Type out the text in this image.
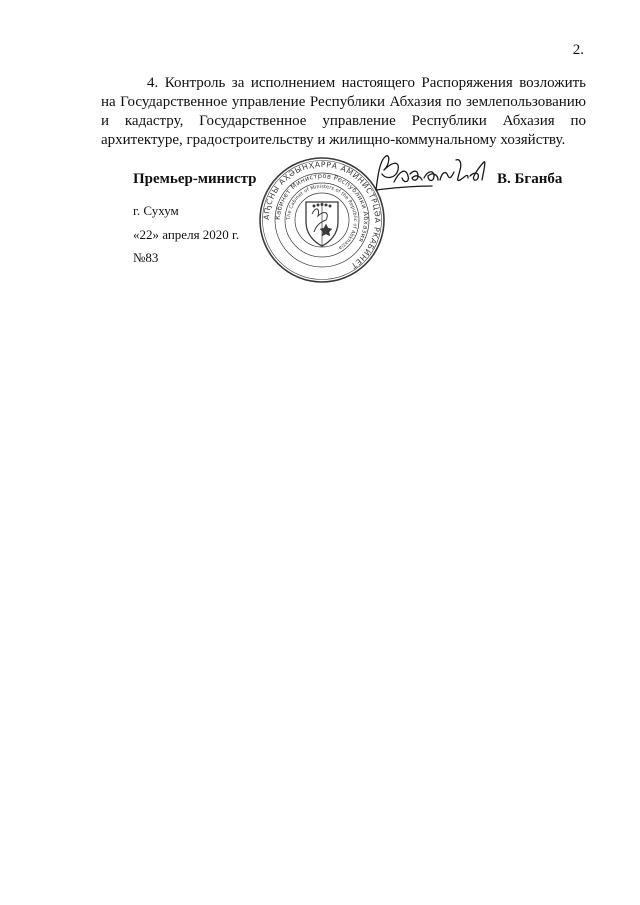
2.

4. Контроль за исполнением настоящего Распоряжения возложить на Государственное управление Республики Абхазия по землепользованию и кадастру, Государственное управление Республики Абхазия по архитектуре, градостроительству и жилищно-коммунальному хозяйству.

АҦСНЫ АҲӘЫНҲАРРА АМИНИСТРЦӘА РКАБИНЕТ
Кабинет Министров Республики Абхазия
The Cabinet of Ministers of the Republic of Abkhazia
Премьер-министр	В. Бганба
г. Сухум
«22» апреля 2020 г.
№83
